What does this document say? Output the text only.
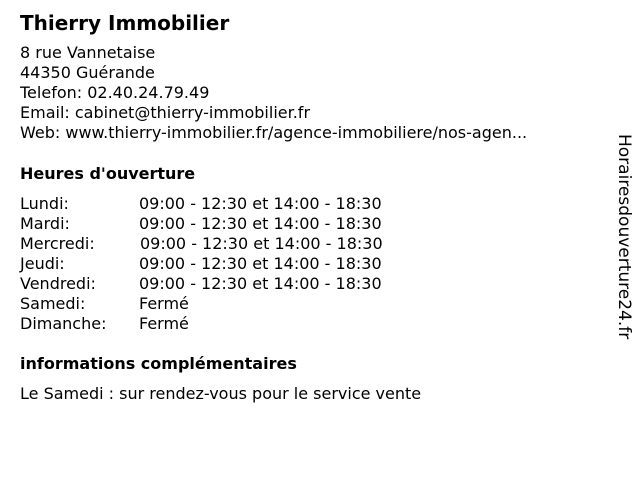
Thierry Immobilier
8 rue Vannetaise
44350 Guérande
Telefon: 02.40.24.79.49
Email: cabinet@thierry-immobilier.fr
Web: www.thierry-immobilier.fr/agence-immobiliere/nos-agen...
Heures d'ouverture
Lundi:	09:00 - 12:30 et 14:00 - 18:30
Mardi:	09:00 - 12:30 et 14:00 - 18:30
Mercredi:	09:00 - 12:30 et 14:00 - 18:30
Jeudi:	09:00 - 12:30 et 14:00 - 18:30
Vendredi:	09:00 - 12:30 et 14:00 - 18:30
Samedi:	Fermé
Dimanche: Fermé
informations complémentaires
Le Samedi : sur rendez-vous pour le service vente
Horairesdouverture24.fr
